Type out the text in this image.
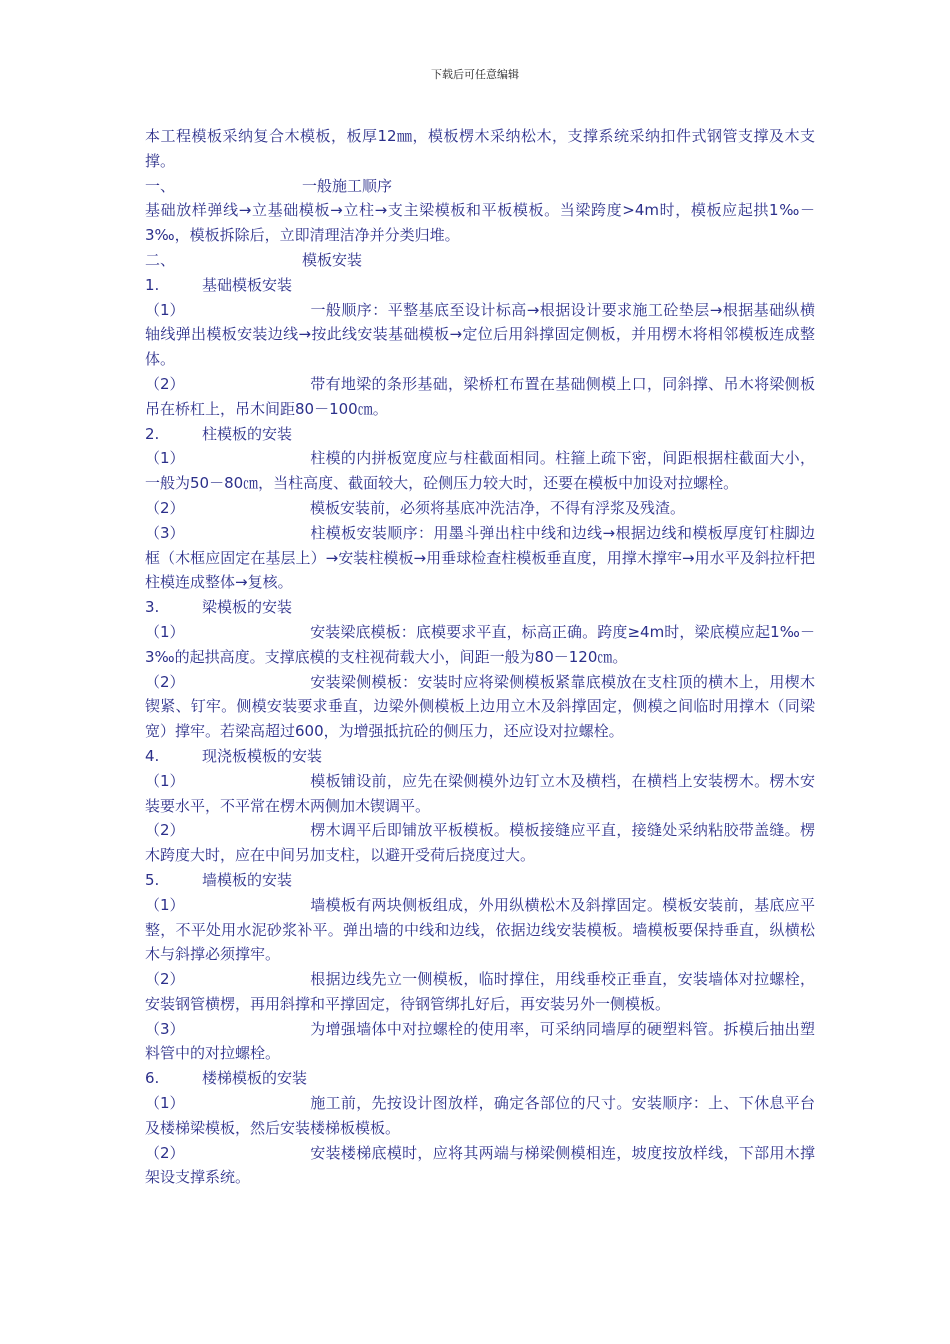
下载后可任意编辑

本工程模板采纳复合木模板，板厚12㎜，模板楞木采纳松木，支撑系统采纳扣件式钢管支撑及木支撑。

一、	一般施工顺序

基础放样弹线→立基础模板→立柱→支主梁模板和平板模板。当梁跨度>4m时，模板应起拱1‰－3‰，模板拆除后，立即清理洁净并分类归堆。

二、	模板安装

1.	基础模板安装

（1）	一般顺序：平整基底至设计标高→根据设计要求施工砼垫层→根据基础纵横轴线弹出模板安装边线→按此线安装基础模板→定位后用斜撑固定侧板，并用楞木将相邻模板连成整体。

（2）	带有地梁的条形基础，梁桥杠布置在基础侧模上口，同斜撑、吊木将梁侧板吊在桥杠上，吊木间距80－100㎝。

2.	柱模板的安装

（1）	柱模的内拼板宽度应与柱截面相同。柱箍上疏下密，间距根据柱截面大小，一般为50－80㎝，当柱高度、截面较大，砼侧压力较大时，还要在模板中加设对拉螺栓。

（2）	模板安装前，必须将基底冲洗洁净，不得有浮浆及残渣。

（3）	柱模板安装顺序：用墨斗弹出柱中线和边线→根据边线和模板厚度钉柱脚边框（木框应固定在基层上）→安装柱模板→用垂球检查柱模板垂直度，用撑木撑牢→用水平及斜拉杆把柱模连成整体→复核。

3.	梁模板的安装

（1）	安装梁底模板：底模要求平直，标高正确。跨度≥4m时，梁底模应起1‰－3‰的起拱高度。支撑底模的支柱视荷载大小，间距一般为80－120㎝。

（2）	安装梁侧模板：安装时应将梁侧模板紧靠底模放在支柱顶的横木上，用楔木锲紧、钉牢。侧模安装要求垂直，边梁外侧模板上边用立木及斜撑固定，侧模之间临时用撑木（同梁宽）撑牢。若梁高超过600，为增强抵抗砼的侧压力，还应设对拉螺栓。

4.	现浇板模板的安装

（1）	模板铺设前，应先在梁侧模外边钉立木及横档，在横档上安装楞木。楞木安装要水平，不平常在楞木两侧加木锲调平。

（2）	楞木调平后即铺放平板模板。模板接缝应平直，接缝处采纳粘胶带盖缝。楞木跨度大时，应在中间另加支柱，以避开受荷后挠度过大。

5.	墙模板的安装

（1）	墙模板有两块侧板组成，外用纵横松木及斜撑固定。模板安装前，基底应平整，不平处用水泥砂浆补平。弹出墙的中线和边线，依据边线安装模板。墙模板要保持垂直，纵横松木与斜撑必须撑牢。

（2）	根据边线先立一侧模板，临时撑住，用线垂校正垂直，安装墙体对拉螺栓，安装钢管横楞，再用斜撑和平撑固定，待钢管绑扎好后，再安装另外一侧模板。

（3）	为增强墙体中对拉螺栓的使用率，可采纳同墙厚的硬塑料管。拆模后抽出塑料管中的对拉螺栓。

6.	楼梯模板的安装

（1）	施工前，先按设计图放样，确定各部位的尺寸。安装顺序：上、下休息平台及楼梯梁模板，然后安装楼梯板模板。

（2）	安装楼梯底模时，应将其两端与梯梁侧模相连，坡度按放样线，下部用木撑架设支撑系统。
